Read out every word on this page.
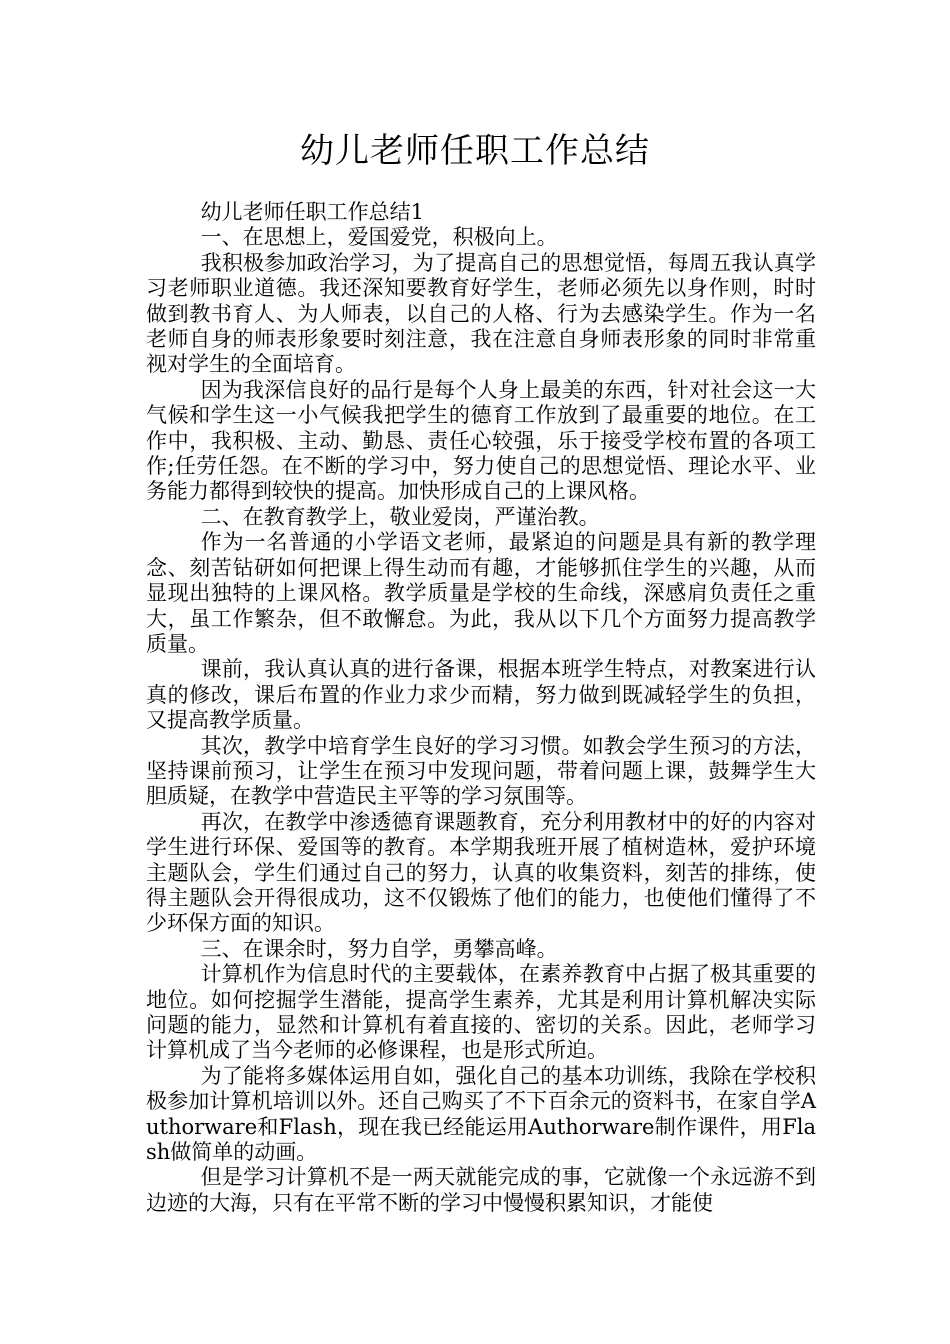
幼儿老师任职工作总结

幼儿老师任职工作总结1

一、在思想上，爱国爱党，积极向上。

我积极参加政治学习，为了提高自己的思想觉悟，每周五我认真学习老师职业道德。我还深知要教育好学生，老师必须先以身作则，时时做到教书育人、为人师表，以自己的人格、行为去感染学生。作为一名老师自身的师表形象要时刻注意，我在注意自身师表形象的同时非常重视对学生的全面培育。

因为我深信良好的品行是每个人身上最美的东西，针对社会这一大气候和学生这一小气候我把学生的德育工作放到了最重要的地位。在工作中，我积极、主动、勤恳、责任心较强，乐于接受学校布置的各项工作;任劳任怨。在不断的学习中，努力使自己的思想觉悟、理论水平、业务能力都得到较快的提高。加快形成自己的上课风格。

二、在教育教学上，敬业爱岗，严谨治教。

作为一名普通的小学语文老师，最紧迫的问题是具有新的教学理念、刻苦钻研如何把课上得生动而有趣，才能够抓住学生的兴趣，从而显现出独特的上课风格。教学质量是学校的生命线，深感肩负责任之重大，虽工作繁杂，但不敢懈怠。为此，我从以下几个方面努力提高教学质量。

课前，我认真认真的进行备课，根据本班学生特点，对教案进行认真的修改，课后布置的作业力求少而精，努力做到既减轻学生的负担，又提高教学质量。

其次，教学中培育学生良好的学习习惯。如教会学生预习的方法，坚持课前预习，让学生在预习中发现问题，带着问题上课，鼓舞学生大胆质疑，在教学中营造民主平等的学习氛围等。

再次，在教学中渗透德育课题教育，充分利用教材中的好的内容对学生进行环保、爱国等的教育。本学期我班开展了植树造林，爱护环境主题队会，学生们通过自己的努力，认真的收集资料，刻苦的排练，使得主题队会开得很成功，这不仅锻炼了他们的能力，也使他们懂得了不少环保方面的知识。

三、在课余时，努力自学，勇攀高峰。

计算机作为信息时代的主要载体，在素养教育中占据了极其重要的地位。如何挖掘学生潜能，提高学生素养，尤其是利用计算机解决实际问题的能力，显然和计算机有着直接的、密切的关系。因此，老师学习计算机成了当今老师的必修课程，也是形式所迫。

为了能将多媒体运用自如，强化自己的基本功训练，我除在学校积极参加计算机培训以外。还自己购买了不下百余元的资料书，在家自学Authorware和Flash，现在我已经能运用Authorware制作课件，用Flash做简单的动画。

但是学习计算机不是一两天就能完成的事，它就像一个永远游不到边迹的大海，只有在平常不断的学习中慢慢积累知识，才能使
